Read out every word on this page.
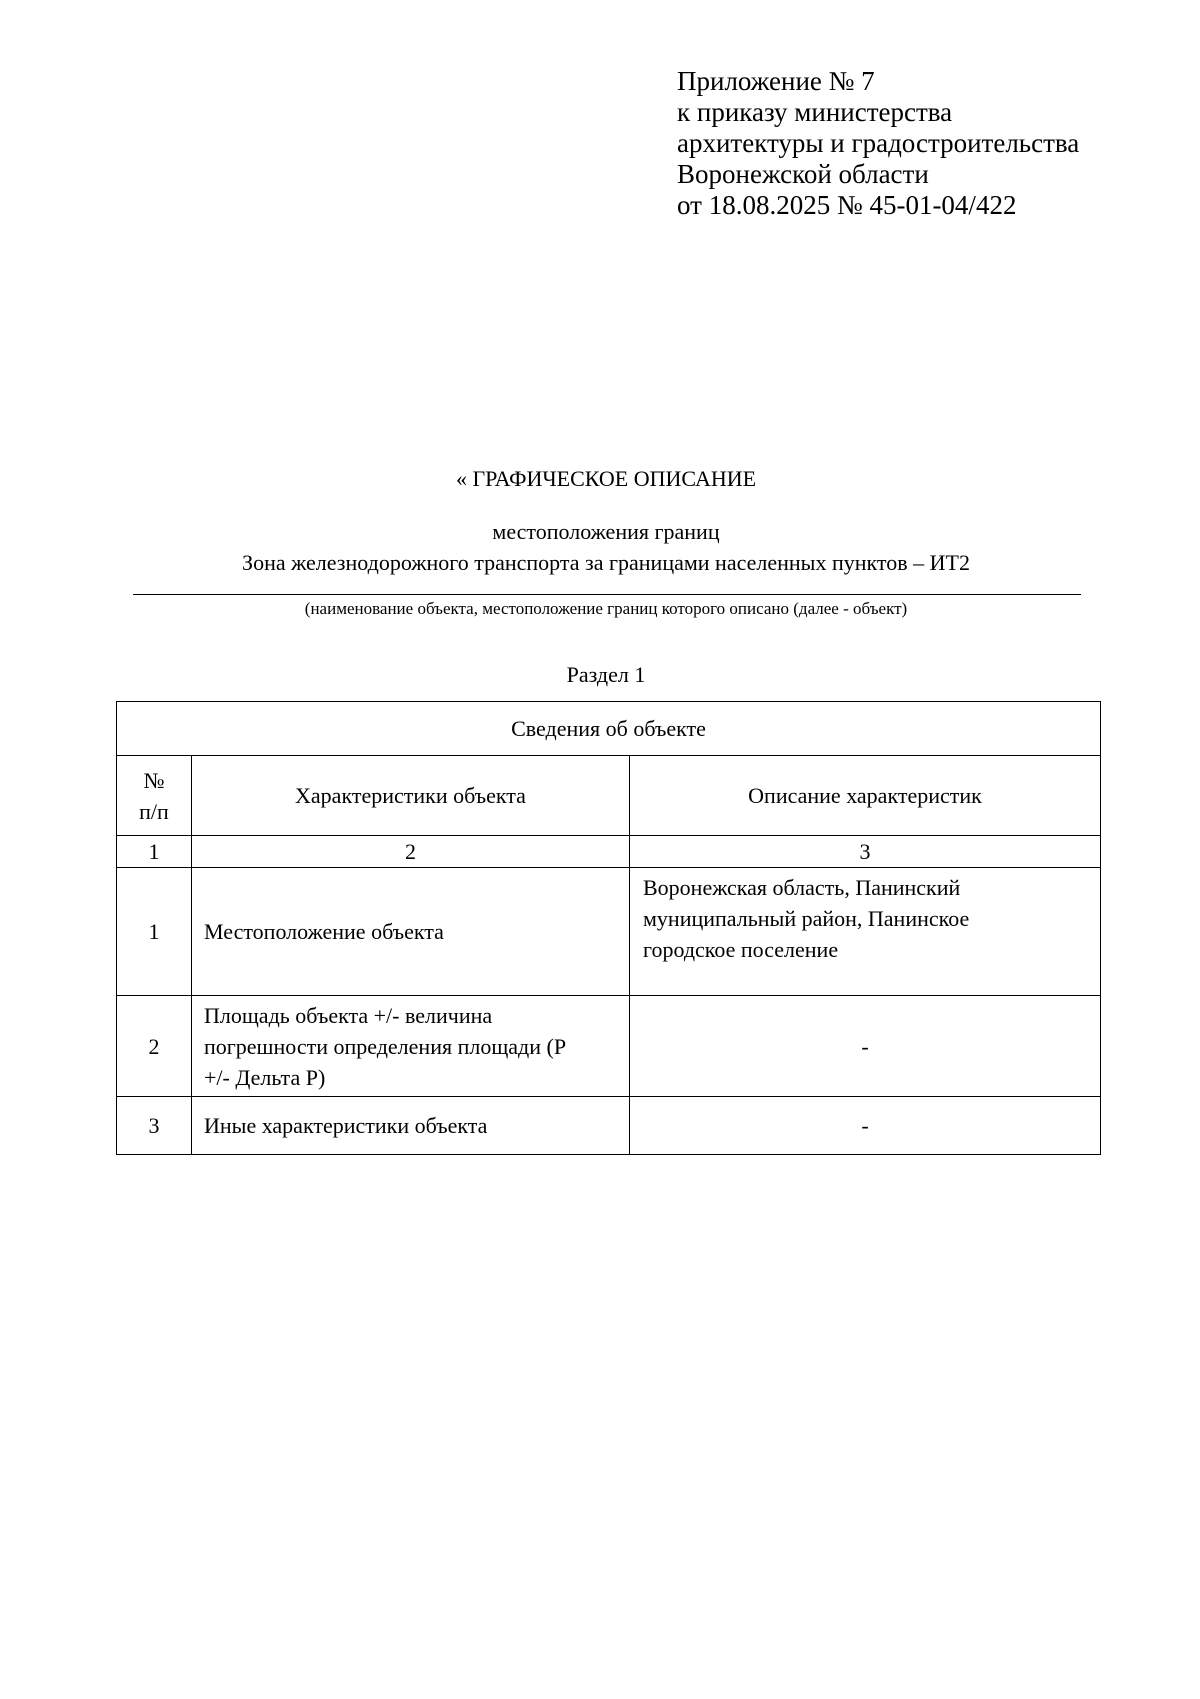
Приложение № 7
к приказу министерства
архитектуры и градостроительства
Воронежской области
от 18.08.2025 № 45-01-04/422
« ГРАФИЧЕСКОЕ ОПИСАНИЕ
местоположения границ
Зона железнодорожного транспорта за границами населенных пунктов – ИТ2
(наименование объекта, местоположение границ которого описано (далее - объект)
Раздел 1
Сведения об объекте		

№
п/п	Характеристики объекта	Описание характеристик
1	2	3
1	Местоположение объекта	Воронежская область, Панинский
муниципальный район, Панинское
городское поселение

2	Площадь объекта +/- величина
погрешности определения площади (Р
+/- Дельта Р)	-

3	Иные характеристики объекта	-
